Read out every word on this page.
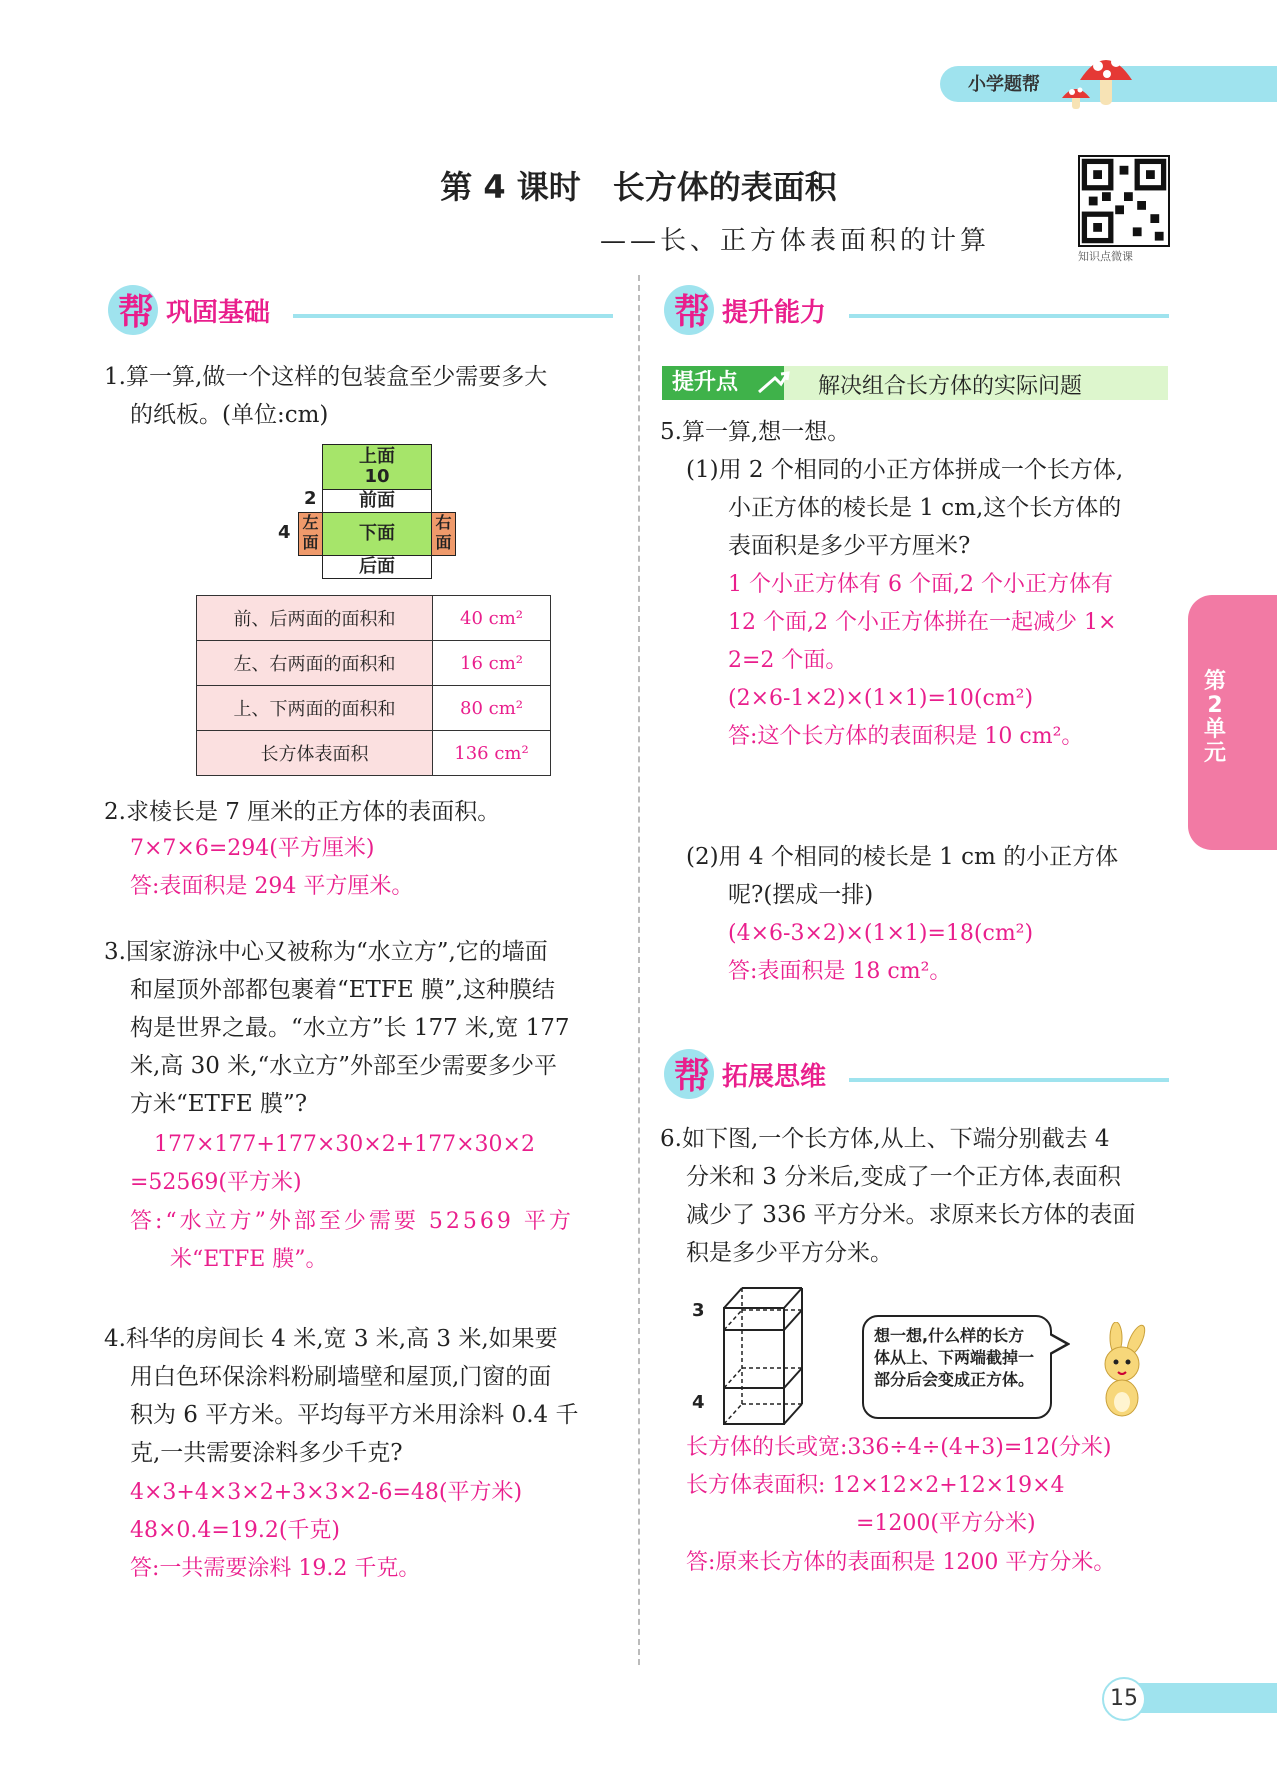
小学题帮
第 4 课时　长方体的表面积
——长、正方体表面积的计算
知识点微课
帮 巩固基础
1.算一算,做一个这样的包装盒至少需要多大
的纸板。(单位:cm)
上面
10
前面
下面
左面
右面
后面
2
4
前、后两面的面积和	40 cm²
左、右两面的面积和	16 cm²
上、下两面的面积和	80 cm²
长方体表面积	136 cm²
2.求棱长是 7 厘米的正方体的表面积。
7×7×6=294(平方厘米)
答:表面积是 294 平方厘米。
3.国家游泳中心又被称为“水立方”,它的墙面
和屋顶外部都包裹着“ETFE 膜”,这种膜结
构是世界之最。“水立方”长 177 米,宽 177
米,高 30 米,“水立方”外部至少需要多少平
方米“ETFE 膜”?
177×177+177×30×2+177×30×2
=52569(平方米)
答:“水立方”外部至少需要 52569 平方
米“ETFE 膜”。
4.科华的房间长 4 米,宽 3 米,高 3 米,如果要
用白色环保涂料粉刷墙壁和屋顶,门窗的面
积为 6 平方米。平均每平方米用涂料 0.4 千
克,一共需要涂料多少千克?
4×3+4×3×2+3×3×2-6=48(平方米)
48×0.4=19.2(千克)
答:一共需要涂料 19.2 千克。
帮 提升能力
提升点	解决组合长方体的实际问题
5.算一算,想一想。
(1)用 2 个相同的小正方体拼成一个长方体,
小正方体的棱长是 1 cm,这个长方体的
表面积是多少平方厘米?
1 个小正方体有 6 个面,2 个小正方体有
12 个面,2 个小正方体拼在一起减少 1×
2=2 个面。
(2×6-1×2)×(1×1)=10(cm²)
答:这个长方体的表面积是 10 cm²。
(2)用 4 个相同的棱长是 1 cm 的小正方体
呢?(摆成一排)
(4×6-3×2)×(1×1)=18(cm²)
答:表面积是 18 cm²。
帮 拓展思维
6.如下图,一个长方体,从上、下端分别截去 4
分米和 3 分米后,变成了一个正方体,表面积
减少了 336 平方分米。求原来长方体的表面
积是多少平方分米。
3
4
想一想,什么样的长方体从上、下两端截掉一部分后会变成正方体。
长方体的长或宽:336÷4÷(4+3)=12(分米)
长方体表面积: 12×12×2+12×19×4
=1200(平方分米)
答:原来长方体的表面积是 1200 平方分米。
第2单元
15
